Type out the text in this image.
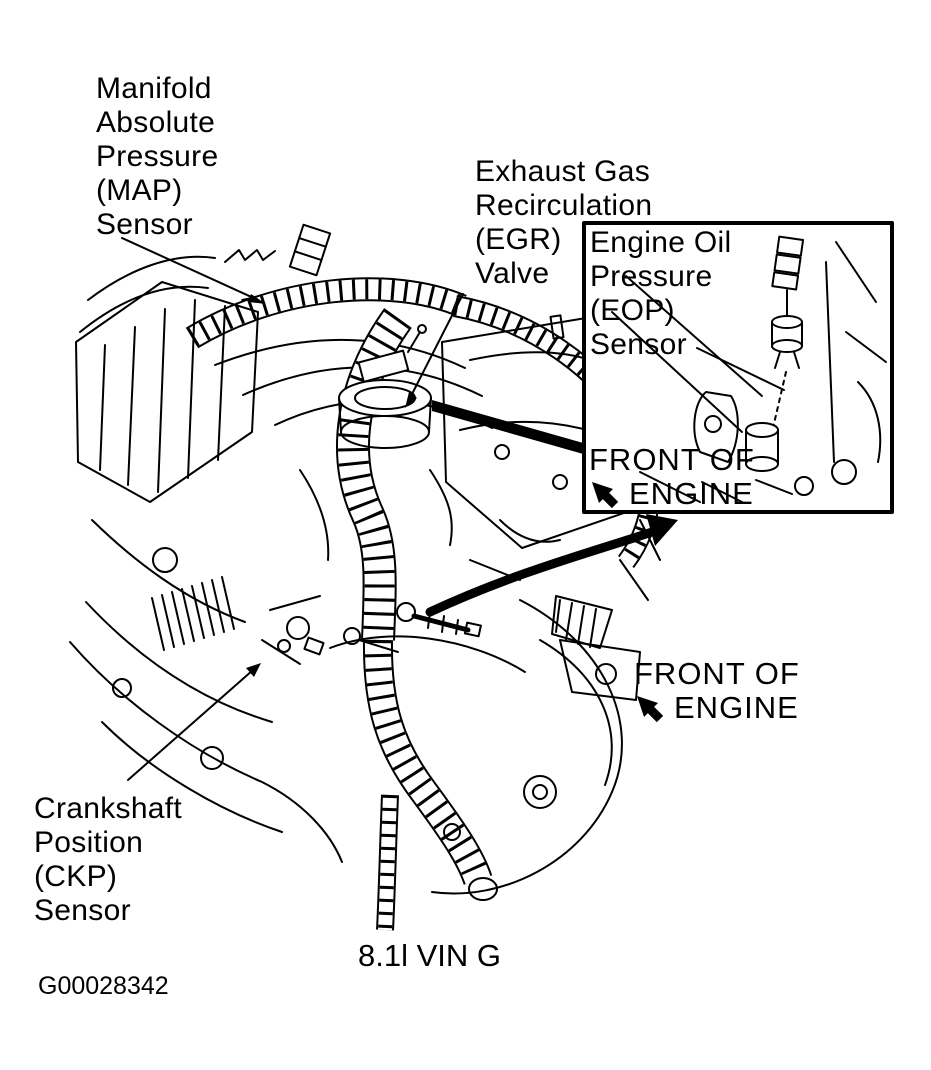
Manifold
Absolute
Pressure
(MAP)
Sensor
Exhaust Gas
Recirculation
(EGR)
Valve
Engine Oil
Pressure
(EOP)
Sensor
FRONT OF
ENGINE
FRONT OF
ENGINE
Crankshaft
Position
(CKP)
Sensor
8.1l VIN G
G00028342
